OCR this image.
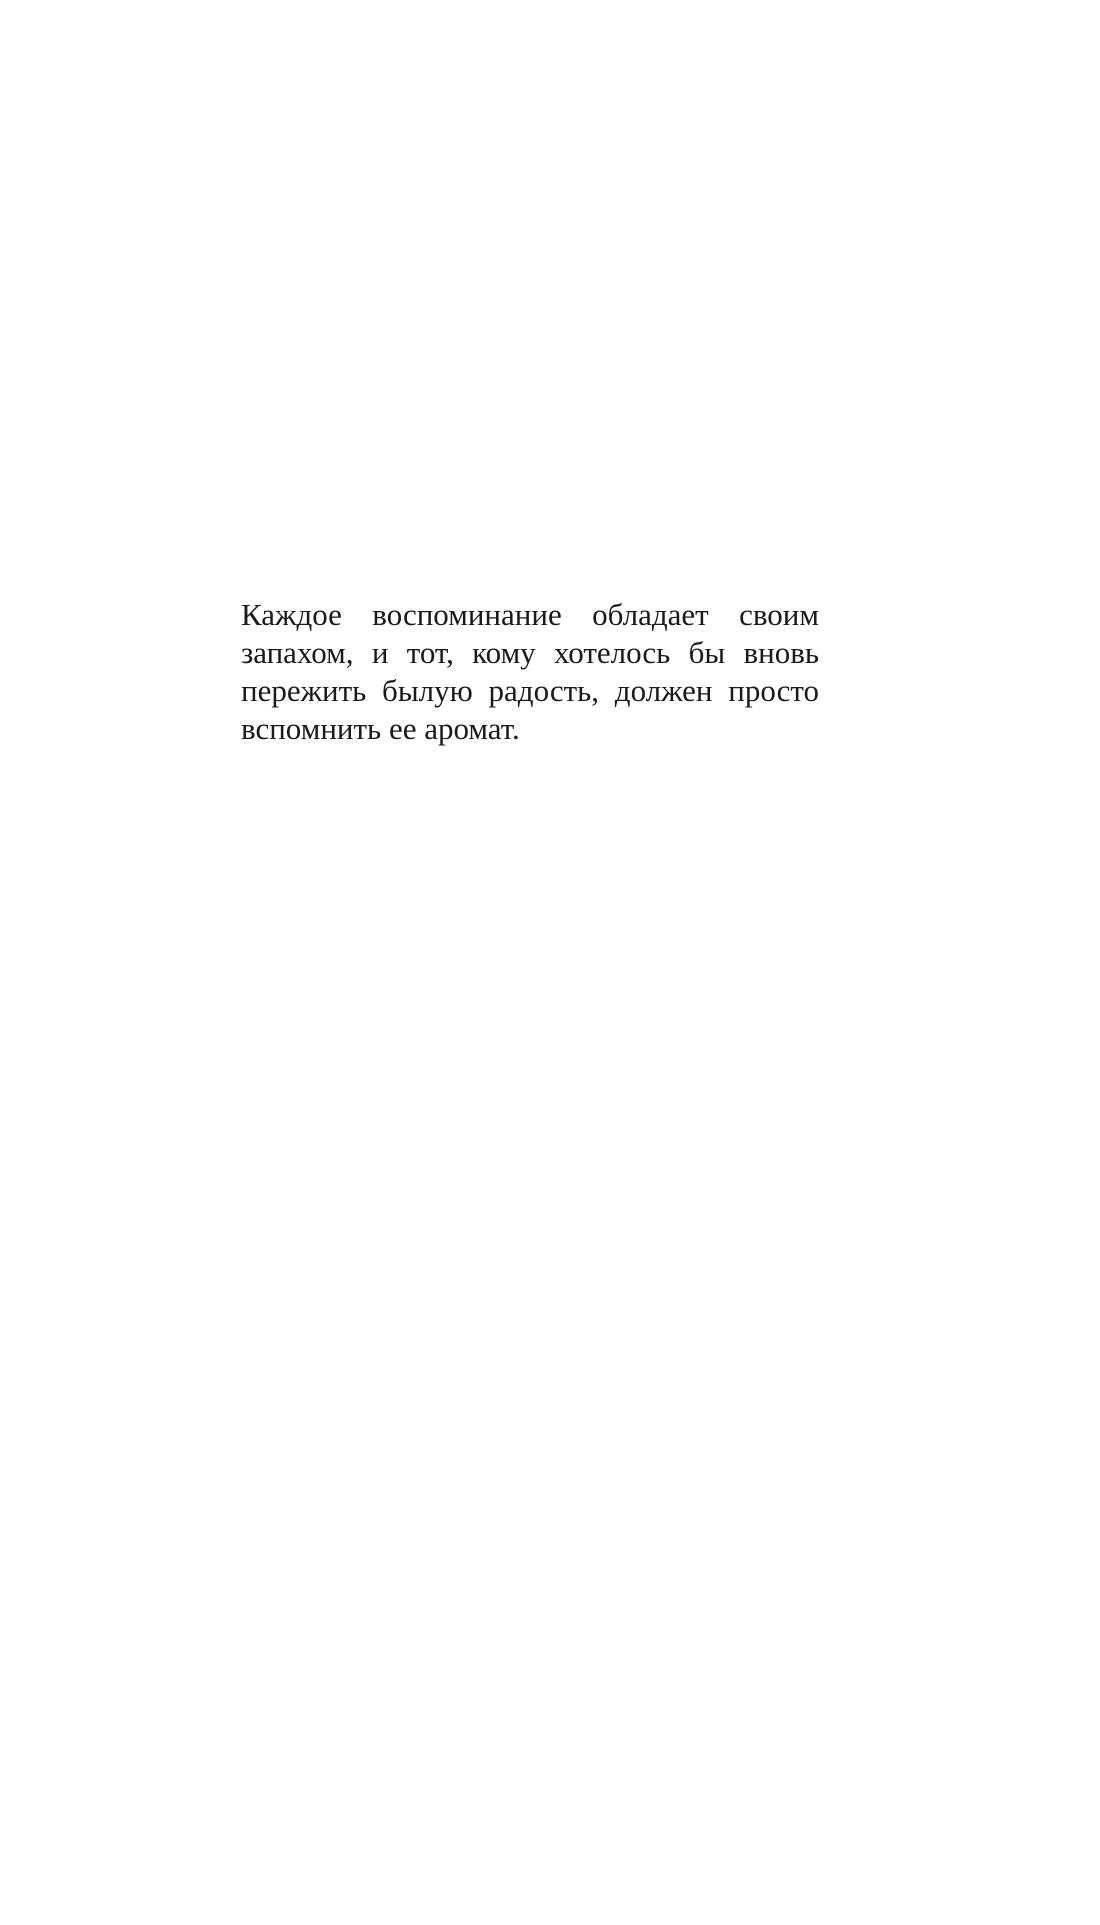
Каждое воспоминание обладает своим
запахом, и тот, кому хотелось бы вновь
пережить былую радость, должен просто
вспомнить ее аромат.
